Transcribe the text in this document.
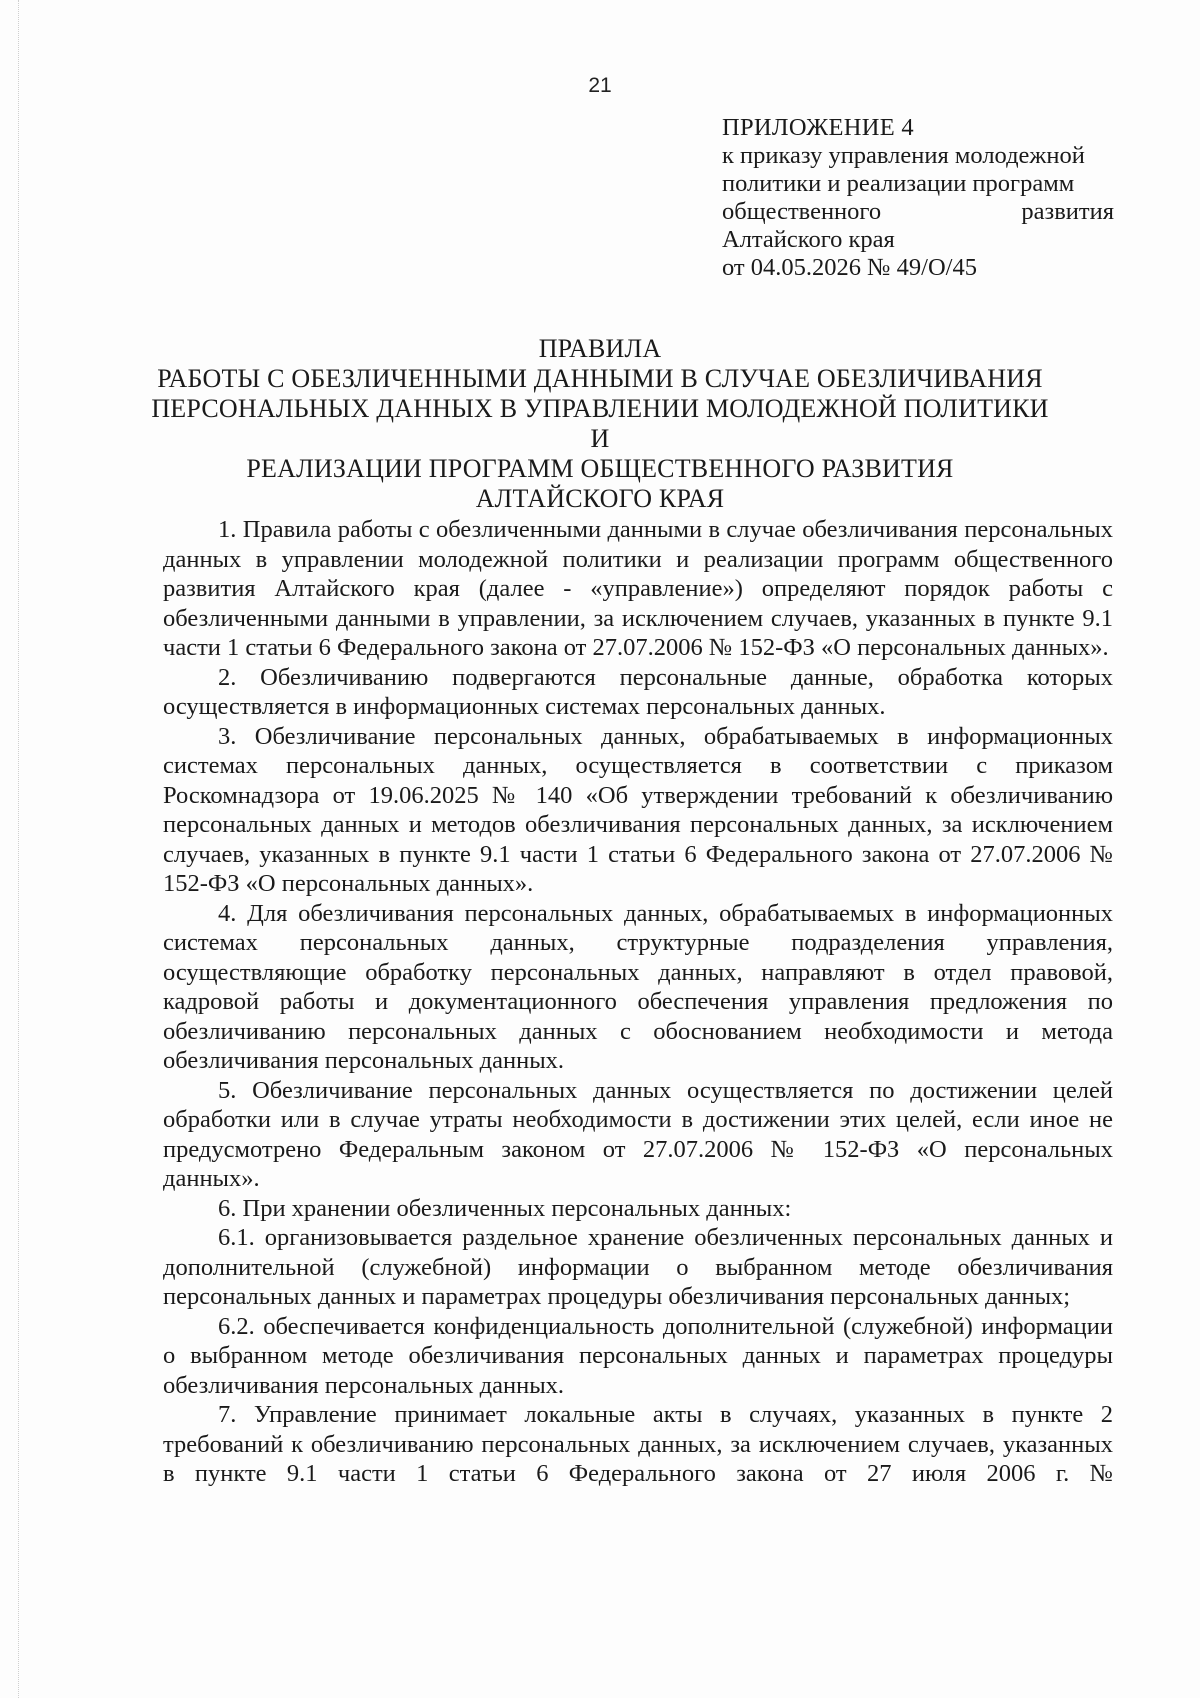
21
ПРИЛОЖЕНИЕ 4
к приказу управления молодежной
политики и реализации программ
общественного развития
Алтайского края
от 04.05.2026 № 49/О/45
ПРАВИЛА
РАБОТЫ С ОБЕЗЛИЧЕННЫМИ ДАННЫМИ В СЛУЧАЕ ОБЕЗЛИЧИВАНИЯ
ПЕРСОНАЛЬНЫХ ДАННЫХ В УПРАВЛЕНИИ МОЛОДЕЖНОЙ ПОЛИТИКИ И
РЕАЛИЗАЦИИ ПРОГРАММ ОБЩЕСТВЕННОГО РАЗВИТИЯ
АЛТАЙСКОГО КРАЯ

1. Правила работы с обезличенными данными в случае обезличивания персональных данных в управлении молодежной политики и реализации программ общественного развития Алтайского края (далее - «управление») определяют порядок работы с обезличенными данными в управлении, за исключением случаев, указанных в пункте 9.1 части 1 статьи 6 Федерального закона от 27.07.2006 № 152-ФЗ «О персональных данных».

2. Обезличиванию подвергаются персональные данные, обработка которых осуществляется в информационных системах персональных данных.

3. Обезличивание персональных данных, обрабатываемых в информационных системах персональных данных, осуществляется в соответствии с приказом Роскомнадзора от 19.06.2025 № 140 «Об утверждении требований к обезличиванию персональных данных и методов обезличивания персональных данных, за исключением случаев, указанных в пункте 9.1 части 1 статьи 6 Федерального закона от 27.07.2006 № 152-ФЗ «О персональных данных».

4. Для обезличивания персональных данных, обрабатываемых в информационных системах персональных данных, структурные подразделения управления, осуществляющие обработку персональных данных, направляют в отдел правовой, кадровой работы и документационного обеспечения управления предложения по обезличиванию персональных данных с обоснованием необходимости и метода обезличивания персональных данных.

5. Обезличивание персональных данных осуществляется по достижении целей обработки или в случае утраты необходимости в достижении этих целей, если иное не предусмотрено Федеральным законом от 27.07.2006 № 152-ФЗ «О персональных данных».

6. При хранении обезличенных персональных данных:

6.1. организовывается раздельное хранение обезличенных персональных данных и дополнительной (служебной) информации о выбранном методе обезличивания персональных данных и параметрах процедуры обезличивания персональных данных;

6.2. обеспечивается конфиденциальность дополнительной (служебной) информации о выбранном методе обезличивания персональных данных и параметрах процедуры обезличивания персональных данных.

7. Управление принимает локальные акты в случаях, указанных в пункте 2 требований к обезличиванию персональных данных, за исключением случаев, указанных в пункте 9.1 части 1 статьи 6 Федерального закона от 27 июля 2006 г. №
